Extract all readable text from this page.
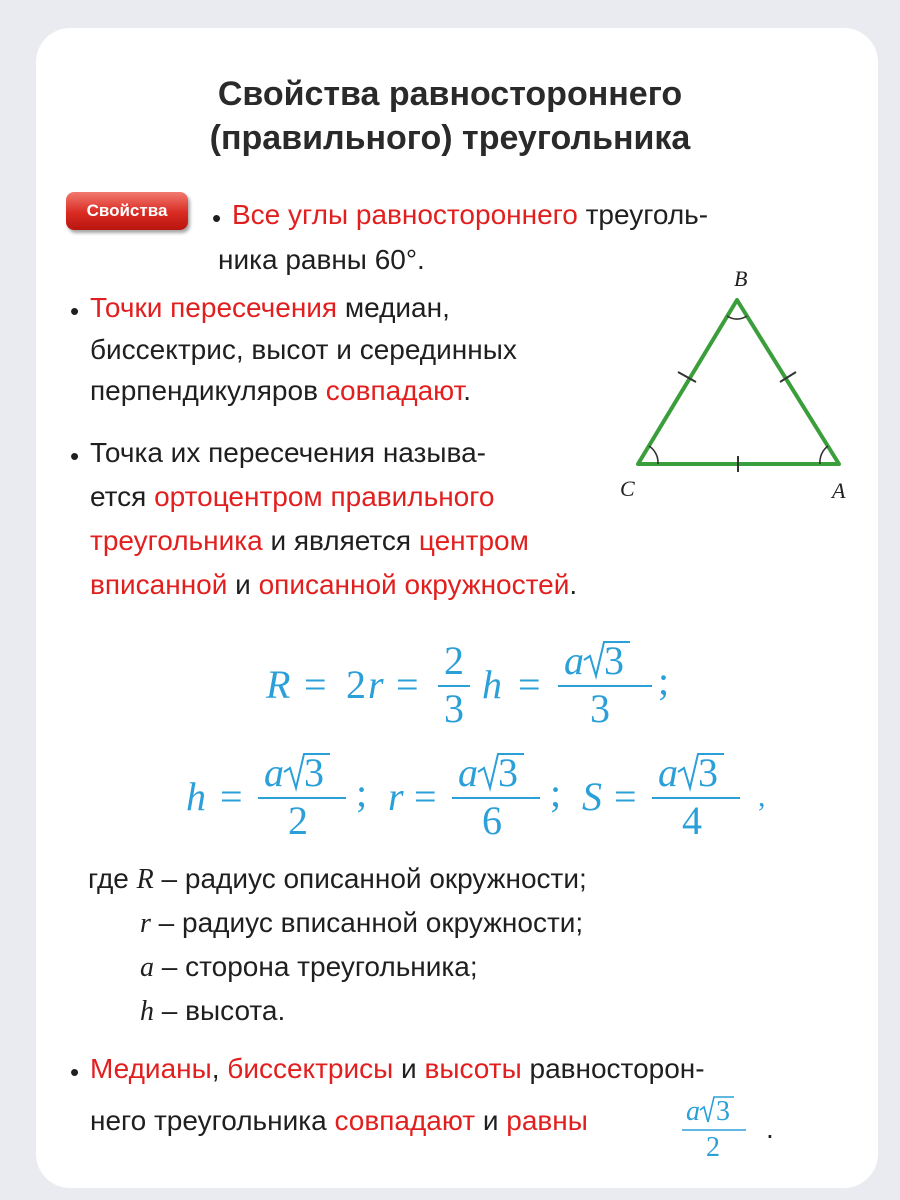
Свойства равностороннего
(правильного) треугольника
Свойства	• Все углы равностороннего треуголь-
ника равны 60°.
• Точки пересечения медиан,
биссектрис, высот и серединных
перпендикуляров совпадают.
• Точка их пересечения называ-
ется ортоцентром правильного
треугольника и является центром
вписанной и описанной окружностей.
B
C	A
R = 2 r =
2
3
h =
a 3
3
;
h =
a 3
2
; r =
a 3
6
; S =
a 3
4
,
где R – радиус описанной окружности;
r – радиус вписанной окружности;
a – сторона треугольника;
h – высота.
• Медианы, биссектрисы и высоты равносторон-
него треугольника совпадают и равны	a 3
2
.
